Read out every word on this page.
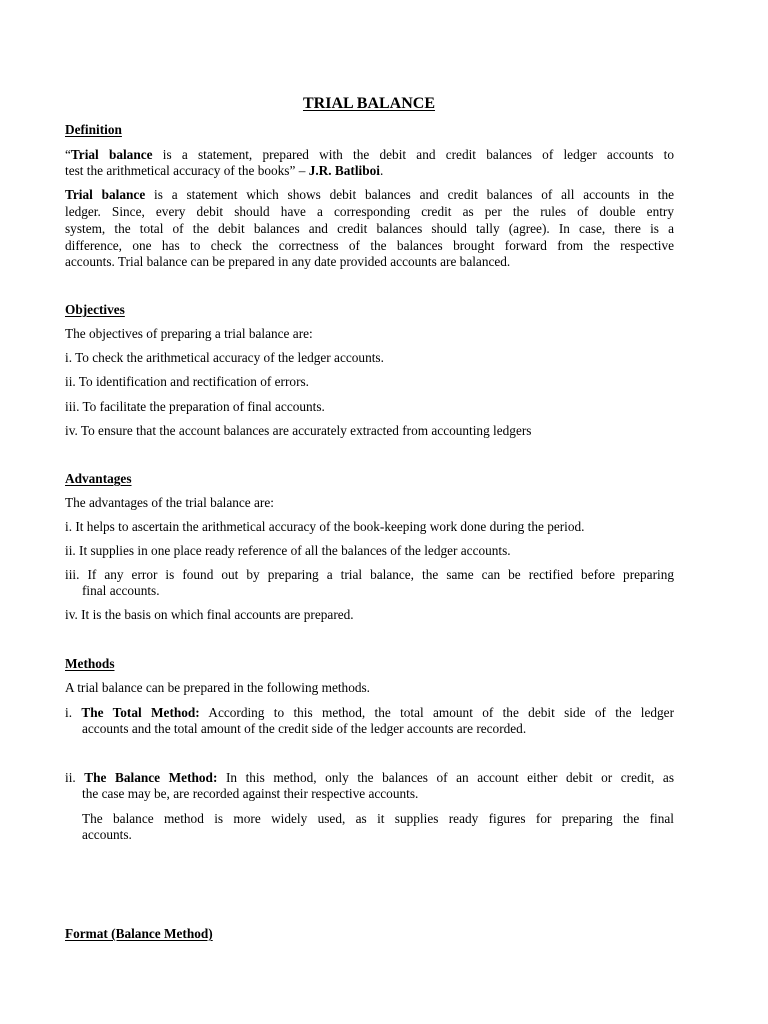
TRIAL BALANCE
Definition
“Trial balance is a statement, prepared with the debit and credit balances of ledger accounts to
test the arithmetical accuracy of the books” – J.R. Batliboi.
Trial balance is a statement which shows debit balances and credit balances of all accounts in the
ledger. Since, every debit should have a corresponding credit as per the rules of double entry
system, the total of the debit balances and credit balances should tally (agree). In case, there is a
difference, one has to check the correctness of the balances brought forward from the respective
accounts. Trial balance can be prepared in any date provided accounts are balanced.
Objectives
The objectives of preparing a trial balance are:
i. To check the arithmetical accuracy of the ledger accounts.
ii. To identification and rectification of errors.
iii. To facilitate the preparation of final accounts.
iv. To ensure that the account balances are accurately extracted from accounting ledgers
Advantages
The advantages of the trial balance are:
i. It helps to ascertain the arithmetical accuracy of the book-keeping work done during the period.
ii. It supplies in one place ready reference of all the balances of the ledger accounts.
iii. If any error is found out by preparing a trial balance, the same can be rectified before preparing
final accounts.
iv. It is the basis on which final accounts are prepared.
Methods
A trial balance can be prepared in the following methods.
i. The Total Method: According to this method, the total amount of the debit side of the ledger
accounts and the total amount of the credit side of the ledger accounts are recorded.
ii. The Balance Method: In this method, only the balances of an account either debit or credit, as
the case may be, are recorded against their respective accounts.
The balance method is more widely used, as it supplies ready figures for preparing the final
accounts.
Format (Balance Method)
